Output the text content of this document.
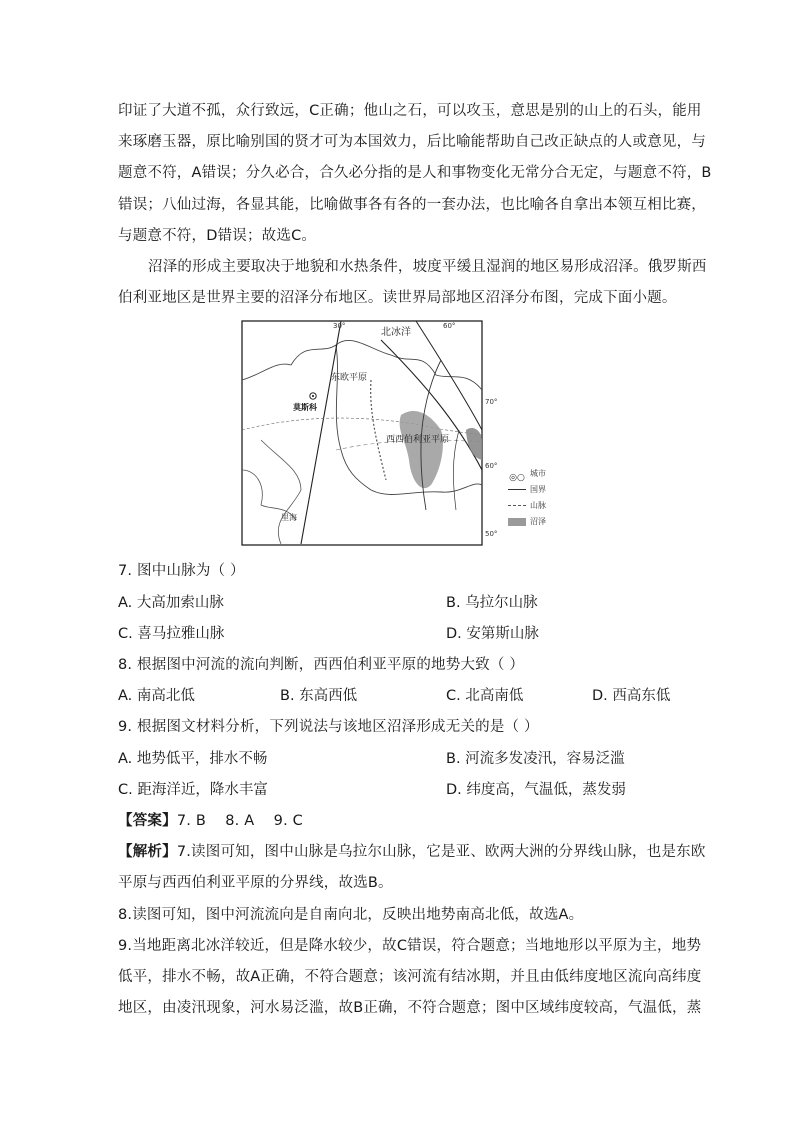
印证了大道不孤，众行致远，C正确；他山之石，可以攻玉，意思是别的山上的石头，能用

来琢磨玉器，原比喻别国的贤才可为本国效力，后比喻能帮助自己改正缺点的人或意见，与

题意不符，A错误；分久必合，合久必分指的是人和事物变化无常分合无定，与题意不符，B

错误；八仙过海，各显其能，比喻做事各有各的一套办法，也比喻各自拿出本领互相比赛，

与题意不符，D错误；故选C。

沼泽的形成主要取决于地貌和水热条件，坡度平缓且湿润的地区易形成沼泽。俄罗斯西

伯利亚地区是世界主要的沼泽分布地区。读世界局部地区沼泽分布图，完成下面小题。

北冰洋
东欧平原
莫斯科
西西伯利亚平原
30°	60°
70°
60°
50°
里海
◎○ 城市
国界
山脉
沼泽

7. 图中山脉为（ ）

A. 大高加索山脉	B. 乌拉尔山脉
C. 喜马拉雅山脉	D. 安第斯山脉

8. 根据图中河流的流向判断，西西伯利亚平原的地势大致（ ）

A. 南高北低	B. 东高西低	C. 北高南低	D. 西高东低

9. 根据图文材料分析，下列说法与该地区沼泽形成无关的是（ ）

A. 地势低平，排水不畅	B. 河流多发凌汛，容易泛滥
C. 距海洋近，降水丰富	D. 纬度高，气温低，蒸发弱

【答案】7. B    8. A    9. C

【解析】7.读图可知，图中山脉是乌拉尔山脉，它是亚、欧两大洲的分界线山脉，也是东欧

平原与西西伯利亚平原的分界线，故选B。

8.读图可知，图中河流流向是自南向北，反映出地势南高北低，故选A。

9.当地距离北冰洋较近，但是降水较少，故C错误，符合题意；当地地形以平原为主，地势

低平，排水不畅，故A正确，不符合题意；该河流有结冰期，并且由低纬度地区流向高纬度

地区，由凌汛现象，河水易泛滥，故B正确，不符合题意；图中区域纬度较高，气温低，蒸
